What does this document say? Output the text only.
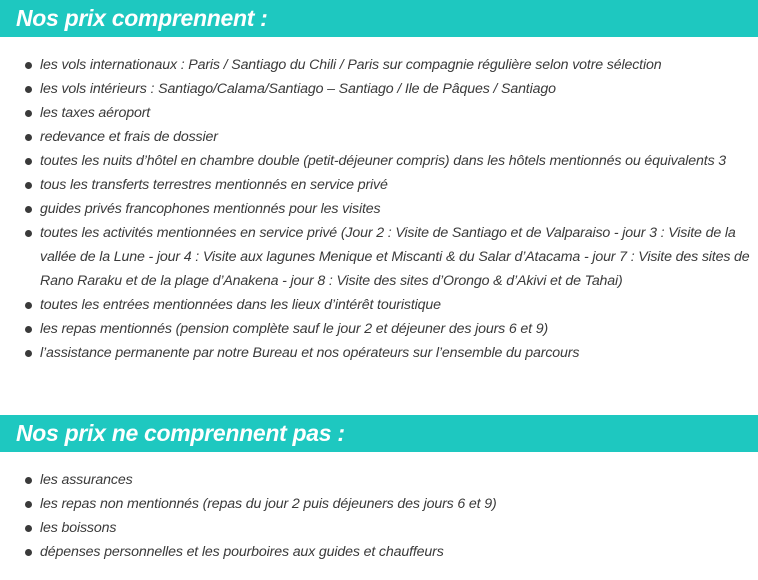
Nos prix comprennent :
les vols internationaux : Paris / Santiago du Chili / Paris sur compagnie régulière selon votre sélection
les vols intérieurs : Santiago/Calama/Santiago – Santiago / Ile de Pâques / Santiago
les taxes aéroport
redevance et frais de dossier
toutes les nuits d’hôtel en chambre double (petit-déjeuner compris) dans les hôtels mentionnés ou équivalents 3
tous les transferts terrestres mentionnés en service privé
guides privés francophones mentionnés pour les visites
toutes les activités mentionnées en service privé (Jour 2 : Visite de Santiago et de Valparaiso - jour 3 : Visite de la vallée de la Lune - jour 4 : Visite aux lagunes Menique et Miscanti & du Salar d’Atacama - jour 7 : Visite des sites de Rano Raraku et de la plage d’Anakena - jour 8 : Visite des sites d’Orongo & d’Akivi et de Tahai)
toutes les entrées mentionnées dans les lieux d’intérêt touristique
les repas mentionnés (pension complète sauf le jour 2 et déjeuner des jours 6 et 9)
l’assistance permanente par notre Bureau et nos opérateurs sur l’ensemble du parcours
Nos prix ne comprennent pas :
les assurances
les repas non mentionnés (repas du jour 2 puis déjeuners des jours 6 et 9)
les boissons
dépenses personnelles et les pourboires aux guides et chauffeurs
